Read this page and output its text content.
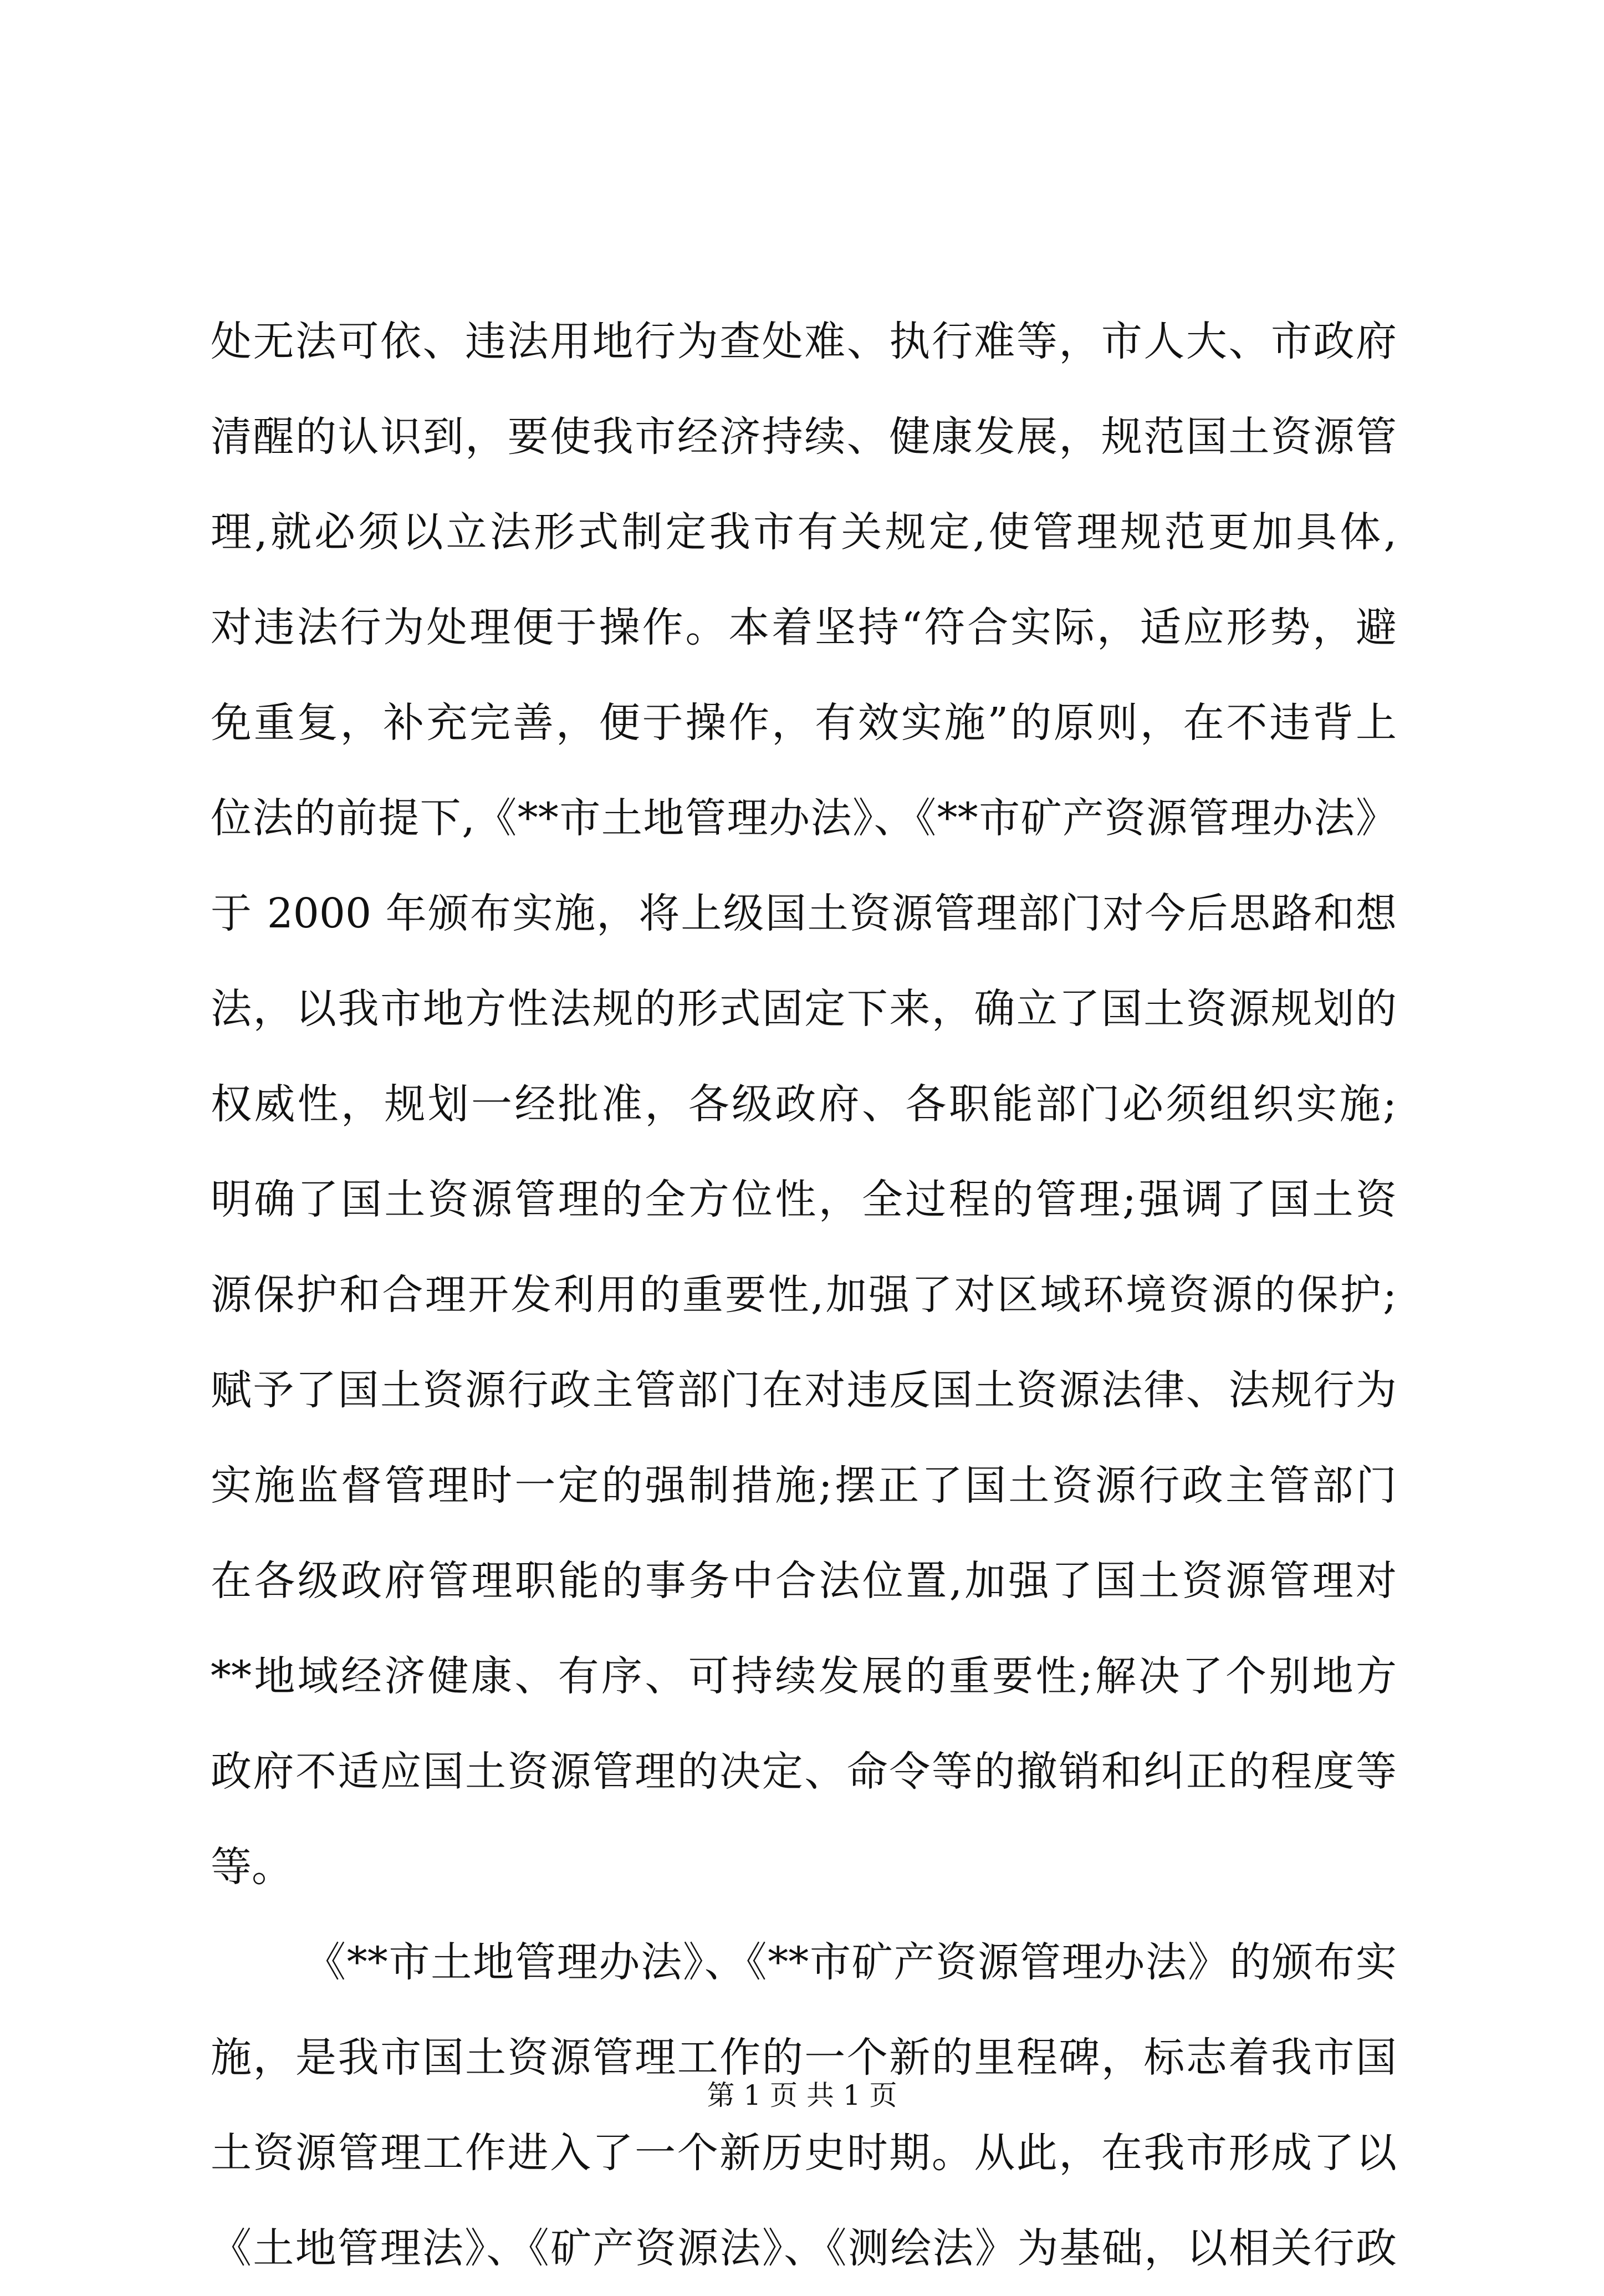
处无法可依、违法用地行为查处难、执行难等，市人大、市政府
清醒的认识到，要使我市经济持续、健康发展，规范国土资源管
理,就必须以立法形式制定我市有关规定,使管理规范更加具体,
对违法行为处理便于操作。本着坚持“符合实际，适应形势，避
免重复，补充完善，便于操作，有效实施”的原则，在不违背上
位法的前提下,《**市土地管理办法》、《**市矿产资源管理办法》
于 2000 年颁布实施，将上级国土资源管理部门对今后思路和想
法，以我市地方性法规的形式固定下来，确立了国土资源规划的
权威性，规划一经批准，各级政府、各职能部门必须组织实施;
明确了国土资源管理的全方位性，全过程的管理;强调了国土资
源保护和合理开发利用的重要性,加强了对区域环境资源的保护;
赋予了国土资源行政主管部门在对违反国土资源法律、法规行为
实施监督管理时一定的强制措施;摆正了国土资源行政主管部门
在各级政府管理职能的事务中合法位置,加强了国土资源管理对
**地域经济健康、有序、可持续发展的重要性;解决了个别地方
政府不适应国土资源管理的决定、命令等的撤销和纠正的程度等
等。
《**市土地管理办法》、《**市矿产资源管理办法》的颁布实
施，是我市国土资源管理工作的一个新的里程碑，标志着我市国
土资源管理工作进入了一个新历史时期。从此，在我市形成了以
《土地管理法》、《矿产资源法》、《测绘法》为基础，以相关行政
第 1 页 共 1 页
